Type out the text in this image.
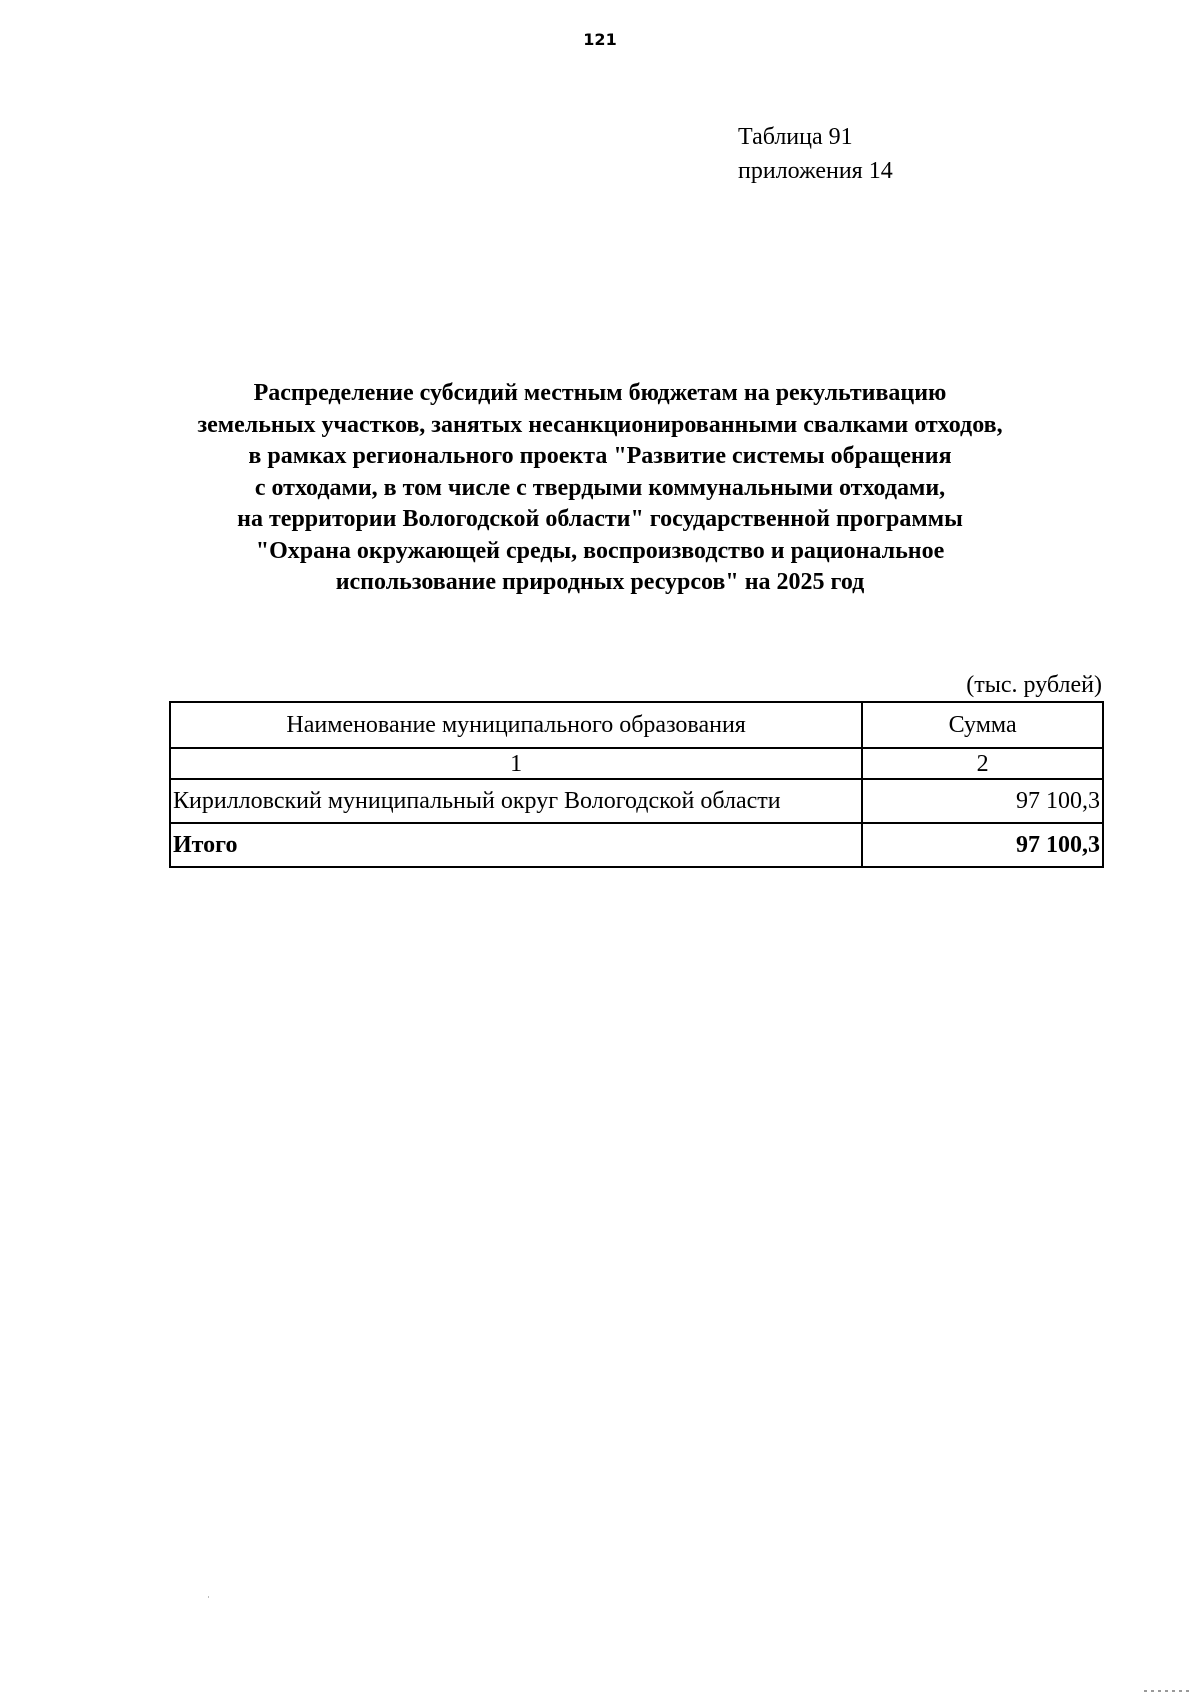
121
Таблица 91
приложения 14
Распределение субсидий местным бюджетам на рекультивацию
земельных участков, занятых несанкционированными свалками отходов,
в рамках регионального проекта "Развитие системы обращения
с отходами, в том числе с твердыми коммунальными отходами,
на территории Вологодской области" государственной программы
"Охрана окружающей среды, воспроизводство и рациональное
использование природных ресурсов" на 2025 год
(тыс. рублей)
Наименование муниципального образования	Сумма
1	2
Кирилловский муниципальный округ Вологодской области	97 100,3
Итого	97 100,3
